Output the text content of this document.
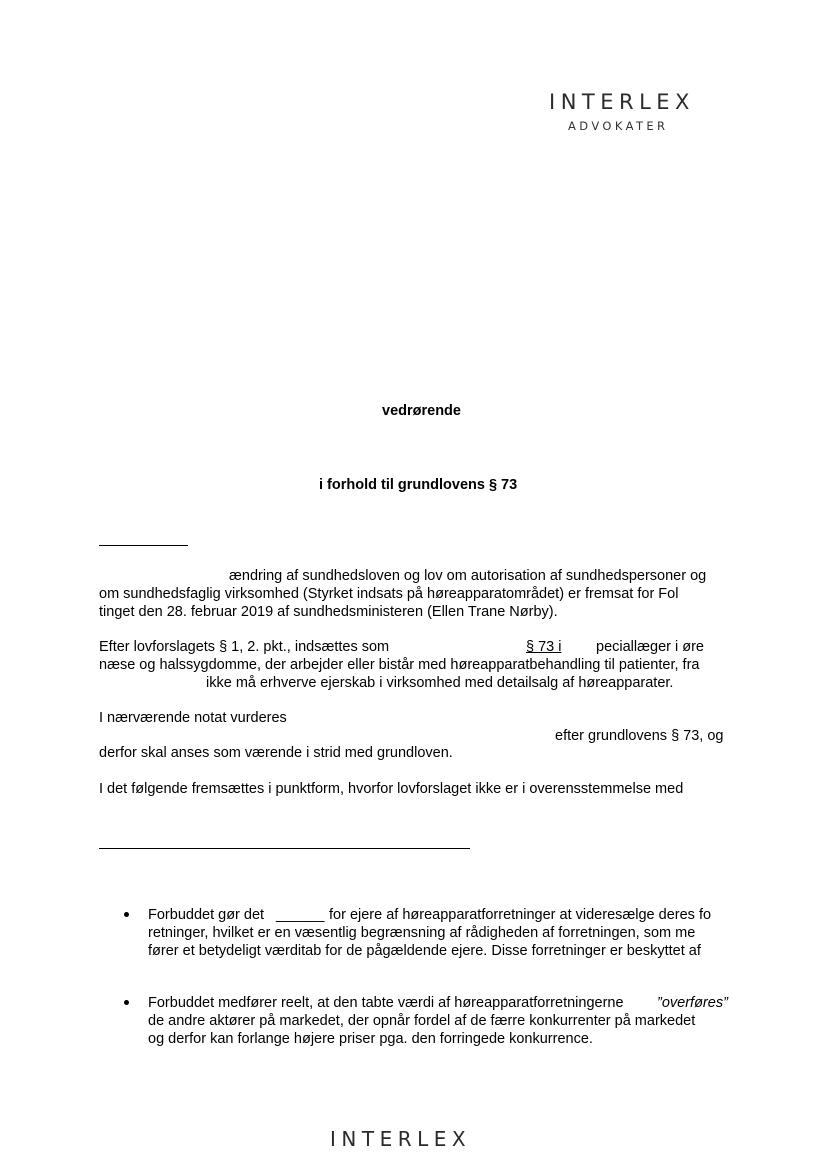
INTERLEX
ADVOKATER
vedrørende
i forhold til grundlovens § 73
ændring af sundhedsloven og lov om autorisation af sundhedspersoner og
om sundhedsfaglig virksomhed (Styrket indsats på høreapparatområdet) er fremsat for Fol
tinget den 28. februar 2019 af sundhedsministeren (Ellen Trane Nørby).
Efter lovforslagets § 1, 2. pkt., indsættes som	§ 73 i peciallæger i øre
næse og halssygdomme, der arbejder eller bistår med høreapparatbehandling til patienter, fra
ikke må erhverve ejerskab i virksomhed med detailsalg af høreapparater.
I nærværende notat vurderes
efter grundlovens § 73, og
derfor skal anses som værende i strid med grundloven.
I det følgende fremsættes i punktform, hvorfor lovforslaget ikke er i overensstemmelse med
Forbuddet gør det ______ for ejere af høreapparatforretninger at videresælge deres fo
retninger, hvilket er en væsentlig begrænsning af rådigheden af forretningen, som me
fører et betydeligt værditab for de pågældende ejere. Disse forretninger er beskyttet af
Forbuddet medfører reelt, at den tabte værdi af høreapparatforretningerne ”overføres”
de andre aktører på markedet, der opnår fordel af de færre konkurrenter på markedet
og derfor kan forlange højere priser pga. den forringede konkurrence.
INTERLEX
